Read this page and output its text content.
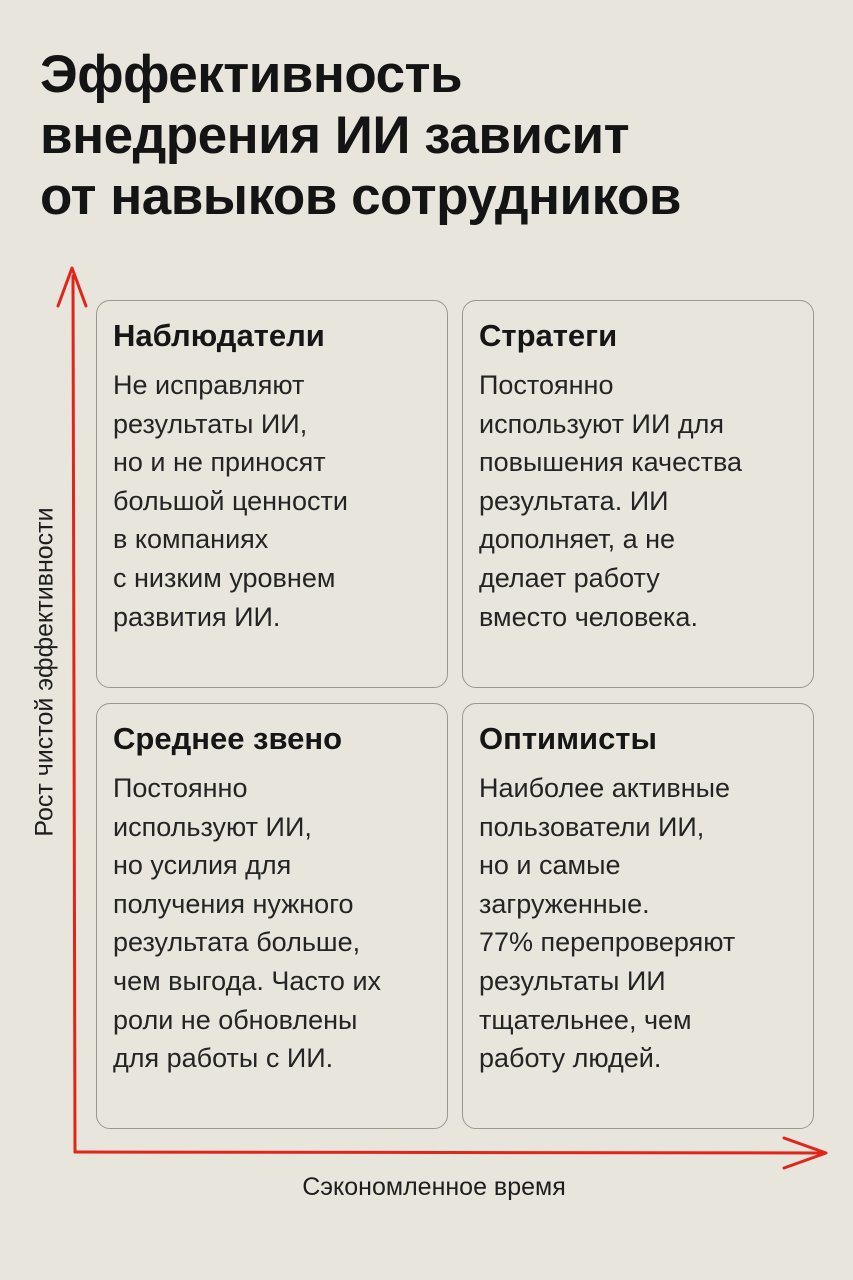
Эффективность
внедрения ИИ зависит
от навыков сотрудников
Рост чистой эффективности
Сэкономленное время
Наблюдатели
Не исправляют
результаты ИИ,
но и не приносят
большой ценности
в компаниях
с низким уровнем
развития ИИ.
Стратеги
Постоянно
используют ИИ для
повышения качества
результата. ИИ
дополняет, а не
делает работу
вместо человека.
Среднее звено
Постоянно
используют ИИ,
но усилия для
получения нужного
результата больше,
чем выгода. Часто их
роли не обновлены
для работы с ИИ.
Оптимисты
Наиболее активные
пользователи ИИ,
но и самые
загруженные.
77% перепроверяют
результаты ИИ
тщательнее, чем
работу людей.
